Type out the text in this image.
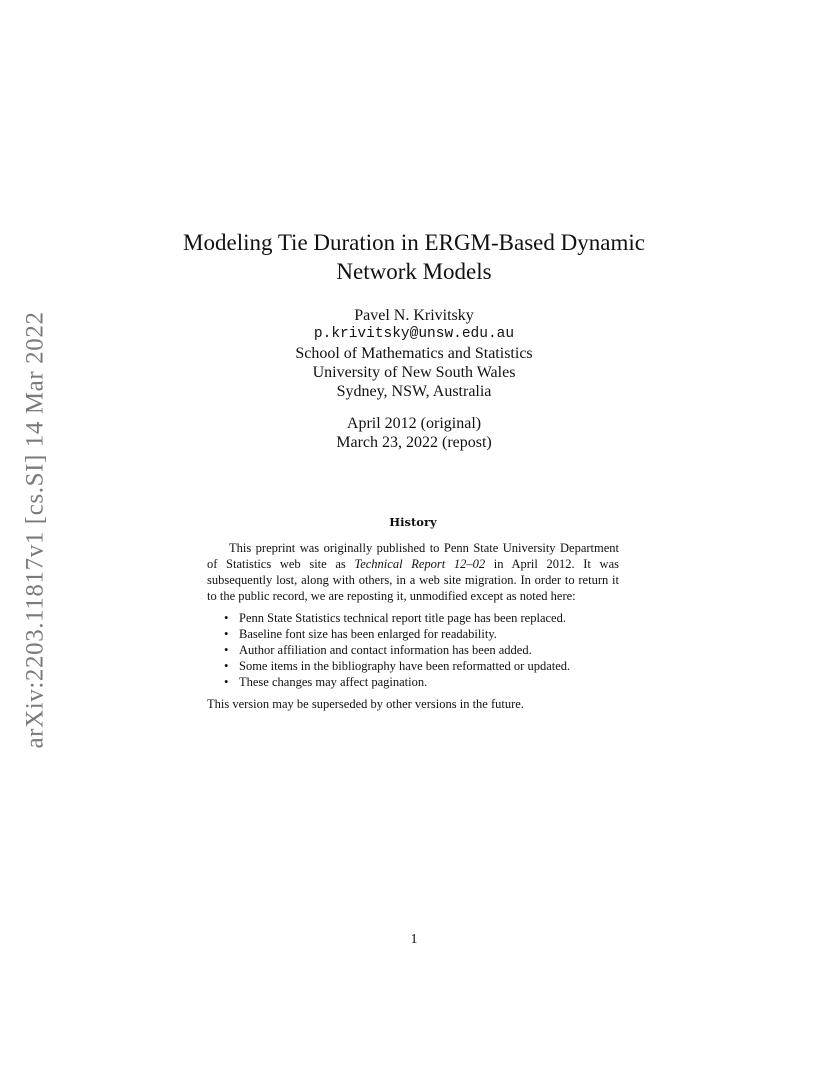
arXiv:2203.11817v1 [cs.SI] 14 Mar 2022
Modeling Tie Duration in ERGM-Based Dynamic
Network Models
Pavel N. Krivitsky
p.krivitsky@unsw.edu.au
School of Mathematics and Statistics
University of New South Wales
Sydney, NSW, Australia
April 2012 (original)
March 23, 2022 (repost)
History

This preprint was originally published to Penn State University Department of Statistics web site as Technical Report 12–02 in April 2012. It was subsequently lost, along with others, in a web site migration. In order to return it to the public record, we are reposting it, unmodified except as noted here:

• Penn State Statistics technical report title page has been replaced.
• Baseline font size has been enlarged for readability.
• Author affiliation and contact information has been added.
• Some items in the bibliography have been reformatted or updated.
• These changes may affect pagination.

This version may be superseded by other versions in the future.

1
